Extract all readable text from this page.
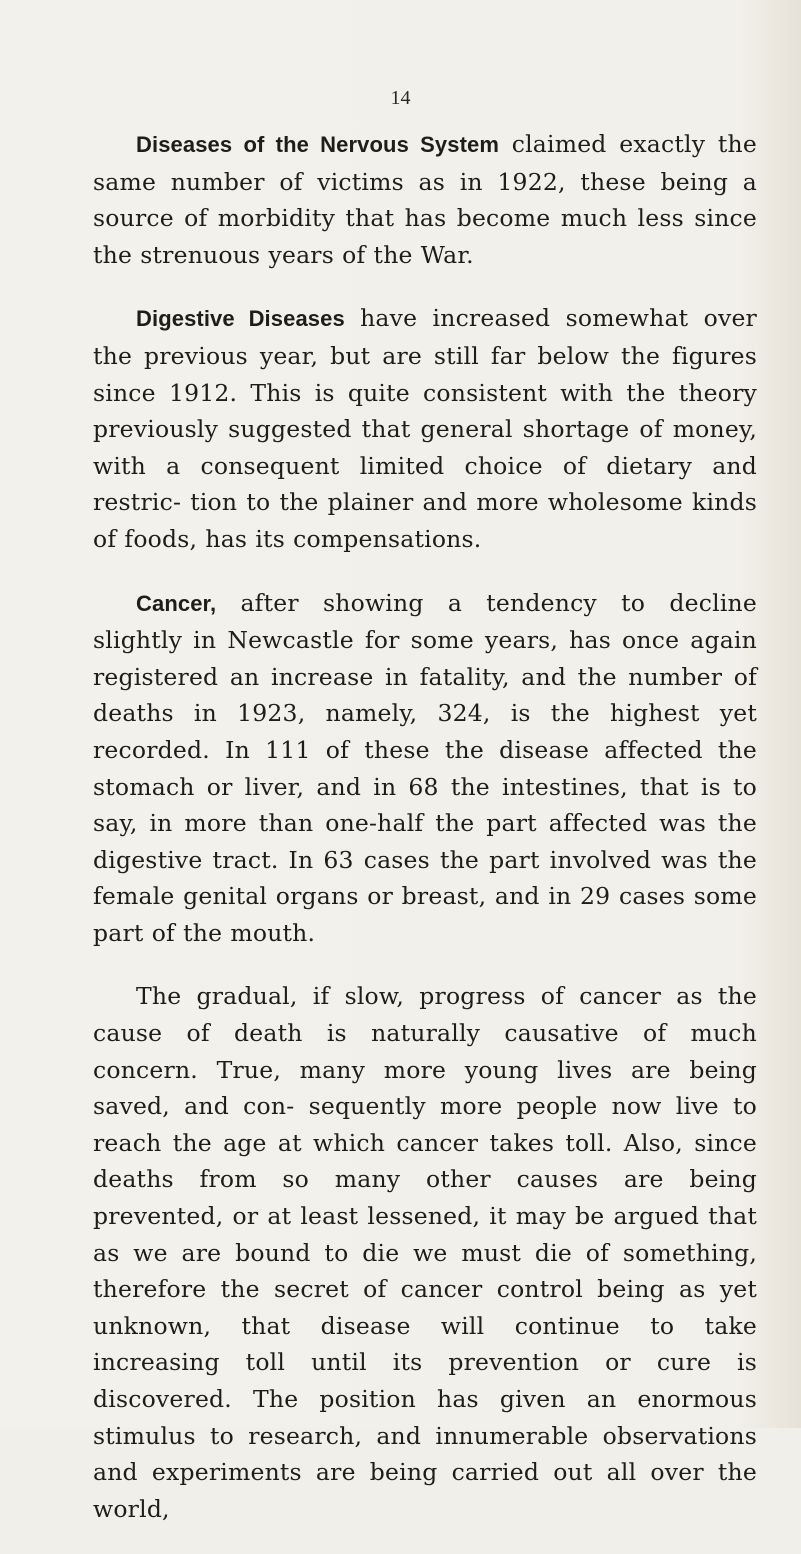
14

Diseases of the Nervous System claimed exactly the same number of victims as in 1922, these being a source of morbidity that has become much less since the strenuous years of the War.

Digestive Diseases have increased somewhat over the previous year, but are still far below the figures since 1912. This is quite consistent with the theory previously suggested that general shortage of money, with a consequent limited choice of dietary and restric- tion to the plainer and more wholesome kinds of foods, has its compensations.

Cancer, after showing a tendency to decline slightly in Newcastle for some years, has once again registered an increase in fatality, and the number of deaths in 1923, namely, 324, is the highest yet recorded. In 111 of these the disease affected the stomach or liver, and in 68 the intestines, that is to say, in more than one-half the part affected was the digestive tract. In 63 cases the part involved was the female genital organs or breast, and in 29 cases some part of the mouth.

The gradual, if slow, progress of cancer as the cause of death is naturally causative of much concern. True, many more young lives are being saved, and con- sequently more people now live to reach the age at which cancer takes toll. Also, since deaths from so many other causes are being prevented, or at least lessened, it may be argued that as we are bound to die we must die of something, therefore the secret of cancer control being as yet unknown, that disease will continue to take increasing toll until its prevention or cure is discovered. The position has given an enormous stimulus to research, and innumerable observations and experiments are being carried out all over the world,
